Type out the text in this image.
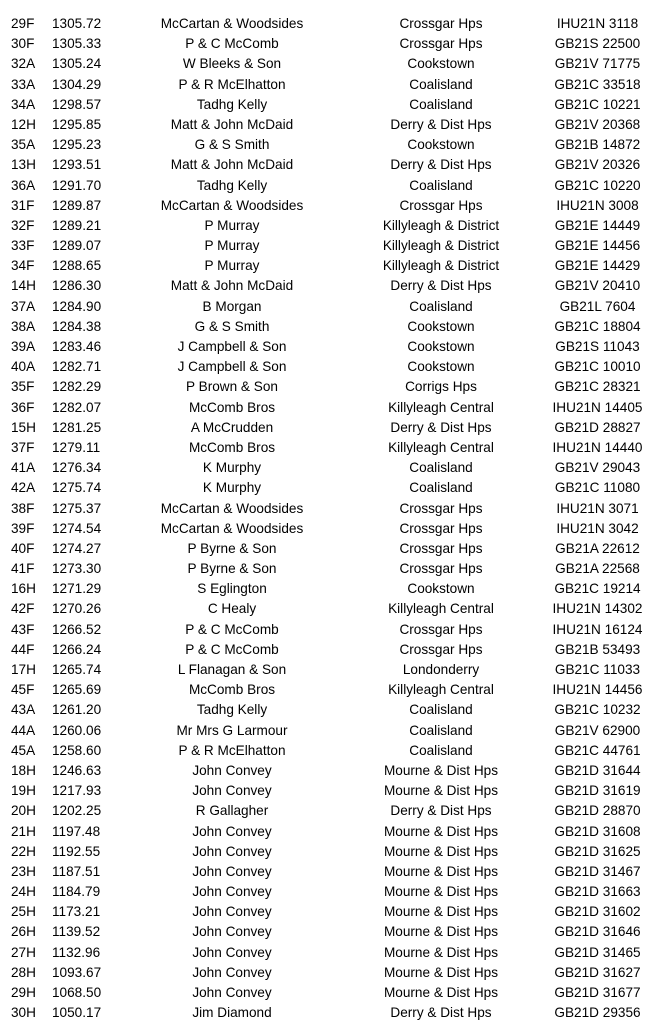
29F	1305.72	McCartan & Woodsides	Crossgar Hps	IHU21N 3118
30F	1305.33	P & C McComb	Crossgar Hps	GB21S 22500
32A	1305.24	W Bleeks & Son	Cookstown	GB21V 71775
33A	1304.29	P & R McElhatton	Coalisland	GB21C 33518
34A	1298.57	Tadhg Kelly	Coalisland	GB21C 10221
12H	1295.85	Matt & John McDaid	Derry & Dist Hps	GB21V 20368
35A	1295.23	G & S Smith	Cookstown	GB21B 14872
13H	1293.51	Matt & John McDaid	Derry & Dist Hps	GB21V 20326
36A	1291.70	Tadhg Kelly	Coalisland	GB21C 10220
31F	1289.87	McCartan & Woodsides	Crossgar Hps	IHU21N 3008
32F	1289.21	P Murray	Killyleagh & District	GB21E 14449
33F	1289.07	P Murray	Killyleagh & District	GB21E 14456
34F	1288.65	P Murray	Killyleagh & District	GB21E 14429
14H	1286.30	Matt & John McDaid	Derry & Dist Hps	GB21V 20410
37A	1284.90	B Morgan	Coalisland	GB21L 7604
38A	1284.38	G & S Smith	Cookstown	GB21C 18804
39A	1283.46	J Campbell & Son	Cookstown	GB21S 11043
40A	1282.71	J Campbell & Son	Cookstown	GB21C 10010
35F	1282.29	P Brown & Son	Corrigs Hps	GB21C 28321
36F	1282.07	McComb Bros	Killyleagh Central	IHU21N 14405
15H	1281.25	A McCrudden	Derry & Dist Hps	GB21D 28827
37F	1279.11	McComb Bros	Killyleagh Central	IHU21N 14440
41A	1276.34	K Murphy	Coalisland	GB21V 29043
42A	1275.74	K Murphy	Coalisland	GB21C 11080
38F	1275.37	McCartan & Woodsides	Crossgar Hps	IHU21N 3071
39F	1274.54	McCartan & Woodsides	Crossgar Hps	IHU21N 3042
40F	1274.27	P Byrne & Son	Crossgar Hps	GB21A 22612
41F	1273.30	P Byrne & Son	Crossgar Hps	GB21A 22568
16H	1271.29	S Eglington	Cookstown	GB21C 19214
42F	1270.26	C Healy	Killyleagh Central	IHU21N 14302
43F	1266.52	P & C McComb	Crossgar Hps	IHU21N 16124
44F	1266.24	P & C McComb	Crossgar Hps	GB21B 53493
17H	1265.74	L Flanagan & Son	Londonderry	GB21C 11033
45F	1265.69	McComb Bros	Killyleagh Central	IHU21N 14456
43A	1261.20	Tadhg Kelly	Coalisland	GB21C 10232
44A	1260.06	Mr Mrs G Larmour	Coalisland	GB21V 62900
45A	1258.60	P & R McElhatton	Coalisland	GB21C 44761
18H	1246.63	John Convey	Mourne & Dist Hps	GB21D 31644
19H	1217.93	John Convey	Mourne & Dist Hps	GB21D 31619
20H	1202.25	R Gallagher	Derry & Dist Hps	GB21D 28870
21H	1197.48	John Convey	Mourne & Dist Hps	GB21D 31608
22H	1192.55	John Convey	Mourne & Dist Hps	GB21D 31625
23H	1187.51	John Convey	Mourne & Dist Hps	GB21D 31467
24H	1184.79	John Convey	Mourne & Dist Hps	GB21D 31663
25H	1173.21	John Convey	Mourne & Dist Hps	GB21D 31602
26H	1139.52	John Convey	Mourne & Dist Hps	GB21D 31646
27H	1132.96	John Convey	Mourne & Dist Hps	GB21D 31465
28H	1093.67	John Convey	Mourne & Dist Hps	GB21D 31627
29H	1068.50	John Convey	Mourne & Dist Hps	GB21D 31677
30H	1050.17	Jim Diamond	Derry & Dist Hps	GB21D 29356
